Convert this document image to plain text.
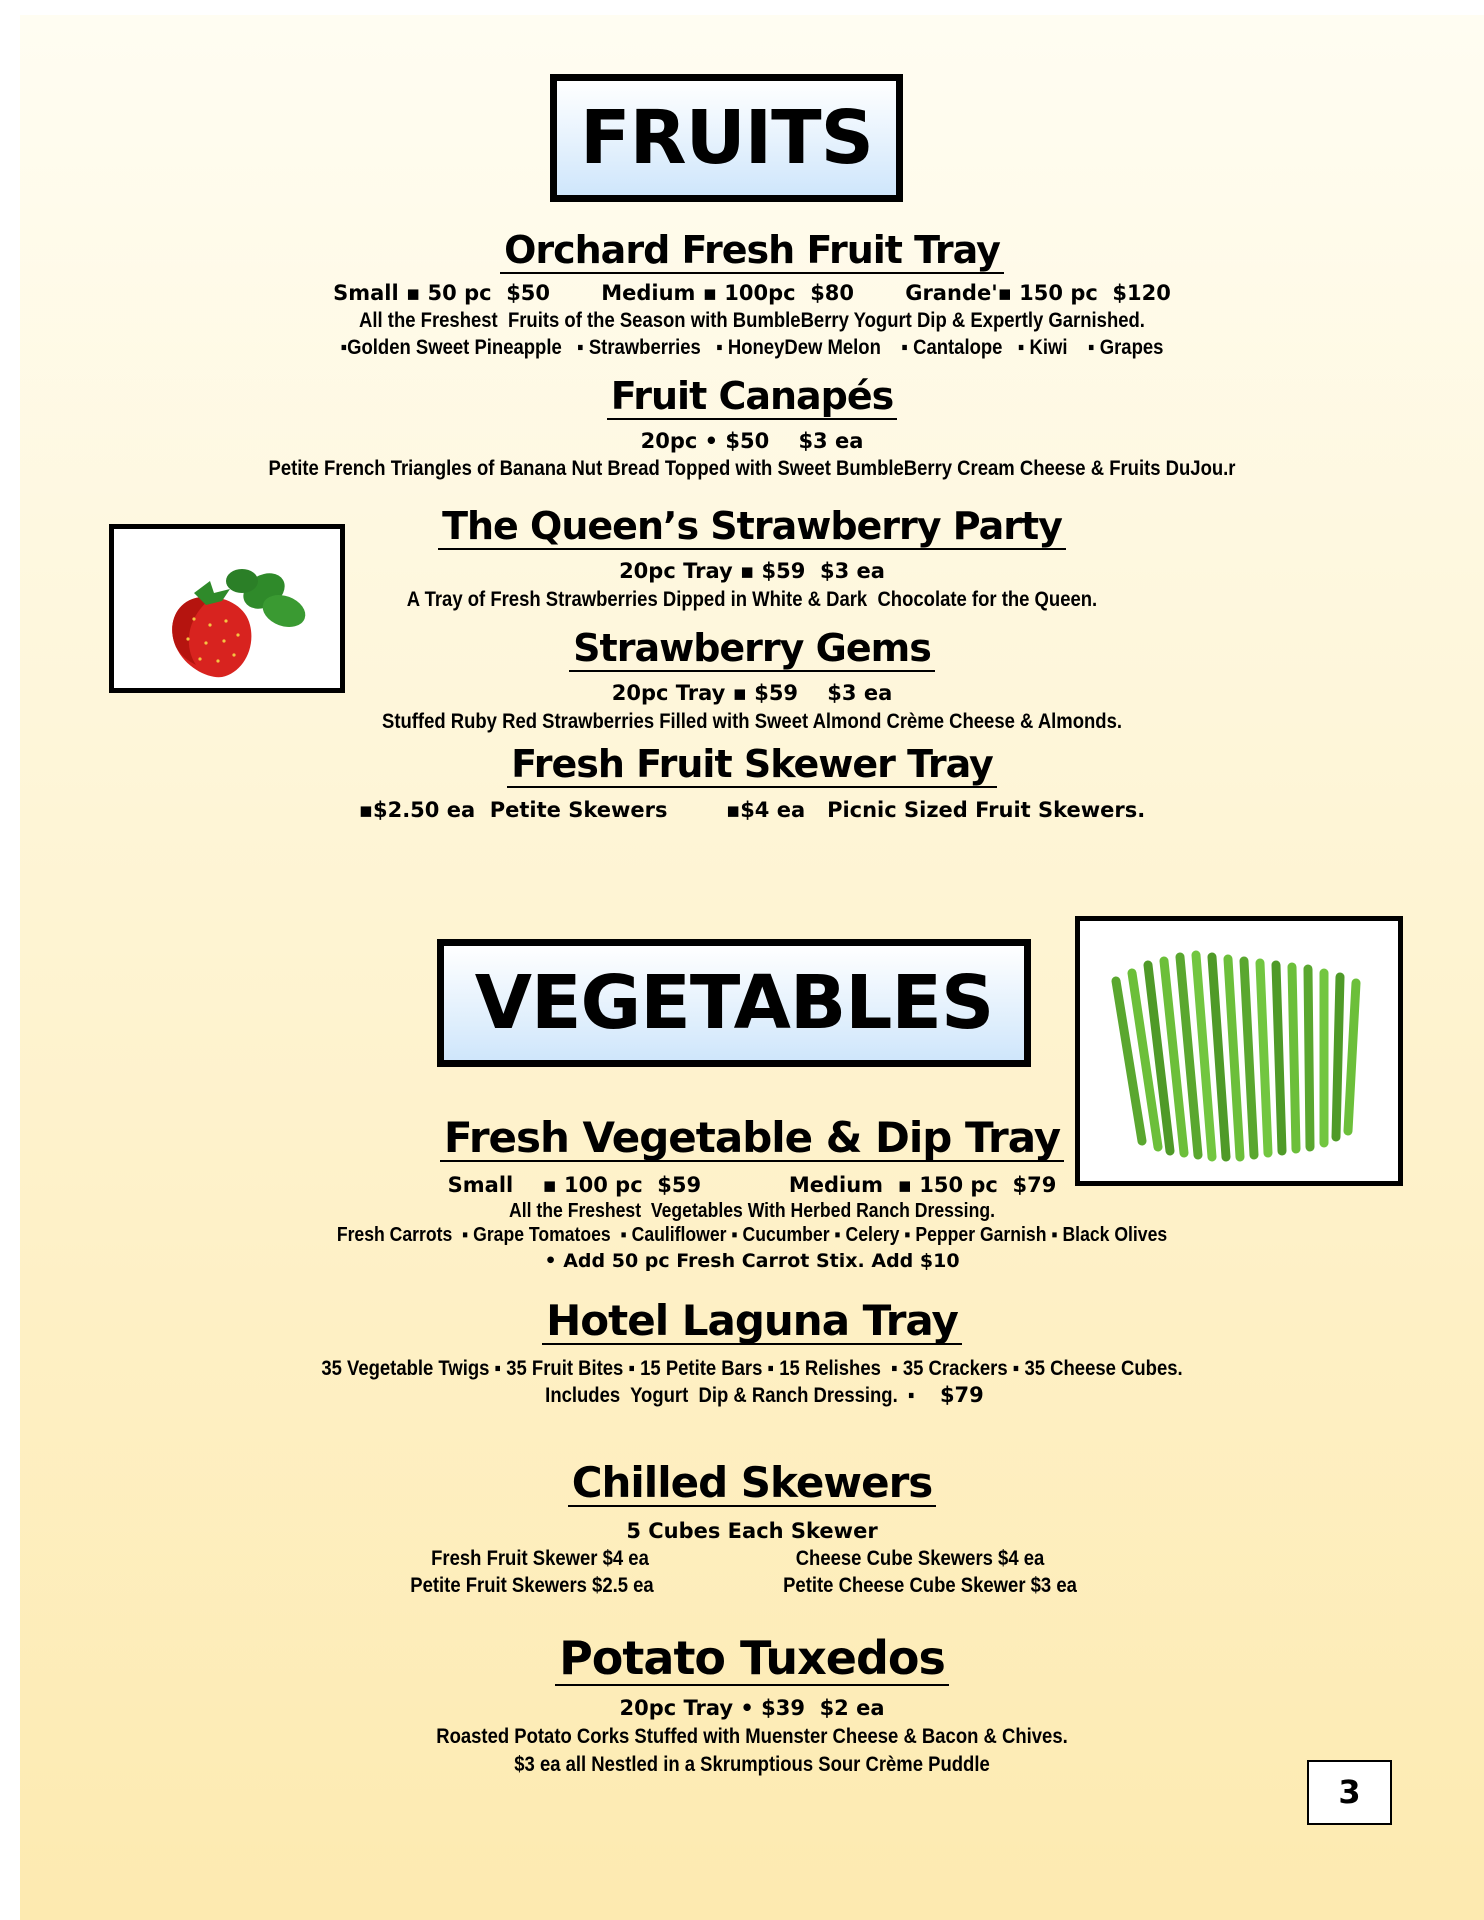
FRUITS
Orchard Fresh Fruit Tray
Small ▪ 50 pc  $50       Medium ▪ 100pc  $80       Grande'▪ 150 pc  $120
All the Freshest  Fruits of the Season with BumbleBerry Yogurt Dip & Expertly Garnished.
▪Golden Sweet Pineapple   ▪ Strawberries   ▪ HoneyDew Melon    ▪ Cantalope   ▪ Kiwi    ▪ Grapes
Fruit Canapés
20pc • $50    $3 ea
Petite French Triangles of Banana Nut Bread Topped with Sweet BumbleBerry Cream Cheese & Fruits DuJou.r
The Queen’s Strawberry Party
20pc Tray ▪ $59  $3 ea
A Tray of Fresh Strawberries Dipped in White & Dark  Chocolate for the Queen.
Strawberry Gems
20pc Tray ▪ $59    $3 ea
Stuffed Ruby Red Strawberries Filled with Sweet Almond Crème Cheese & Almonds.
Fresh Fruit Skewer Tray
▪$2.50 ea  Petite Skewers        ▪$4 ea   Picnic Sized Fruit Skewers.
VEGETABLES
Fresh Vegetable & Dip Tray
Small    ▪ 100 pc  $59            Medium  ▪ 150 pc  $79
All the Freshest  Vegetables With Herbed Ranch Dressing.
Fresh Carrots  ▪ Grape Tomatoes  ▪ Cauliflower ▪ Cucumber ▪ Celery ▪ Pepper Garnish ▪ Black Olives
• Add 50 pc Fresh Carrot Stix. Add $10
Hotel Laguna Tray
35 Vegetable Twigs ▪ 35 Fruit Bites ▪ 15 Petite Bars ▪ 15 Relishes  ▪ 35 Crackers ▪ 35 Cheese Cubes.
Includes  Yogurt  Dip & Ranch Dressing.  ▪ $79
Chilled Skewers
5 Cubes Each Skewer
Fresh Fruit Skewer $4 ea	Cheese Cube Skewers $4 ea
Petite Fruit Skewers $2.5 ea	Petite Cheese Cube Skewer $3 ea
Potato Tuxedos
20pc Tray • $39  $2 ea
Roasted Potato Corks Stuffed with Muenster Cheese & Bacon & Chives.
$3 ea all Nestled in a Skrumptious Sour Crème Puddle
3
